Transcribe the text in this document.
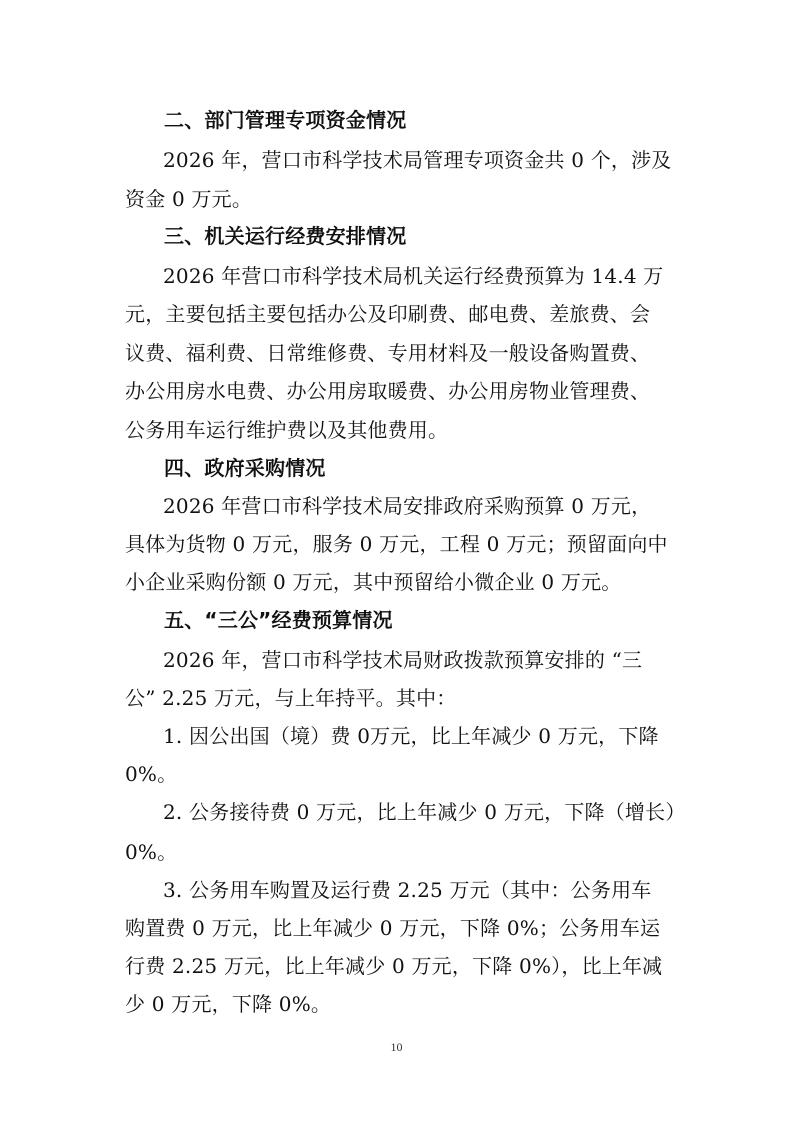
二、部门管理专项资金情况
2026 年，营口市科学技术局管理专项资金共 0 个，涉及
资金 0 万元。
三、机关运行经费安排情况
2026 年营口市科学技术局机关运行经费预算为 14.4 万
元，主要包括主要包括办公及印刷费、邮电费、差旅费、会
议费、福利费、日常维修费、专用材料及一般设备购置费、
办公用房水电费、办公用房取暖费、办公用房物业管理费、
公务用车运行维护费以及其他费用。
四、政府采购情况
2026 年营口市科学技术局安排政府采购预算 0 万元，
具体为货物 0 万元，服务 0 万元，工程 0 万元；预留面向中
小企业采购份额 0 万元，其中预留给小微企业 0 万元。
五、“三公”经费预算情况
2026 年，营口市科学技术局财政拨款预算安排的 “三
公” 2.25 万元，与上年持平。其中：
1. 因公出国（境）费 0万元，比上年减少 0 万元，下降
0%。
2. 公务接待费 0 万元，比上年减少 0 万元，下降（增长）
0%。
3. 公务用车购置及运行费 2.25 万元（其中：公务用车
购置费 0 万元，比上年减少 0 万元，下降 0%；公务用车运
行费 2.25 万元，比上年减少 0 万元，下降 0%），比上年减
少 0 万元，下降 0%。
10
